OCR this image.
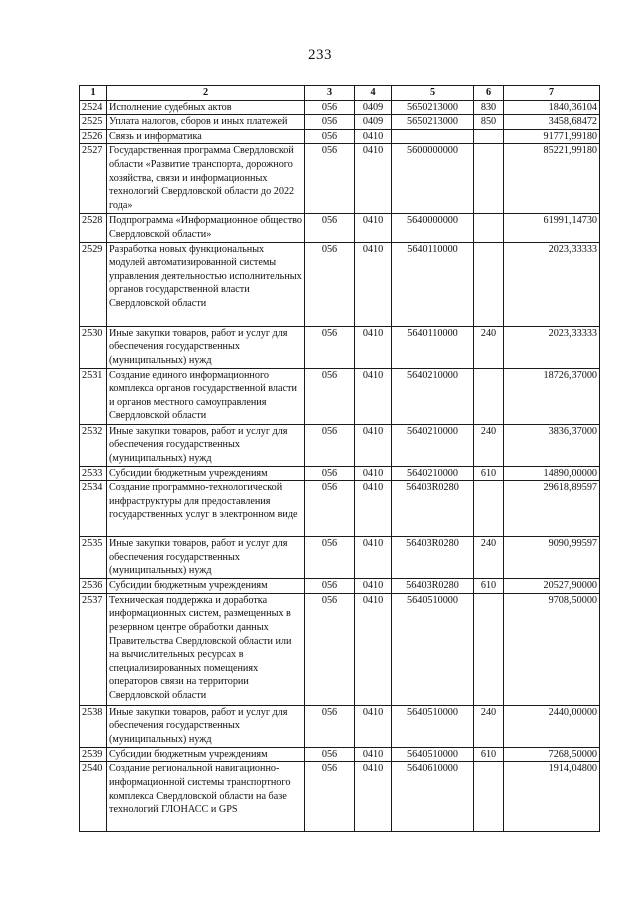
233
1	2	3	4	5	6	7
2524	Исполнение судебных актов	056	0409	5650213000	830	1840,36104
2525	Уплата налогов, сборов и иных платежей	056	0409	5650213000	850	3458,68472
2526	Связь и информатика	056	0410			91771,99180
2527	Государственная программа Свердловской области «Развитие транспорта, дорожного хозяйства, связи и информационных технологий Свердловской области до 2022 года»	056	0410	5600000000		85221,99180
2528	Подпрограмма «Информационное общество Свердловской области»	056	0410	5640000000		61991,14730
2529	Разработка новых функциональных модулей автоматизированной системы управления деятельностью исполнительных органов государственной власти Свердловской области	056	0410	5640110000		2023,33333
2530	Иные закупки товаров, работ и услуг для обеспечения государственных (муниципальных) нужд	056	0410	5640110000	240	2023,33333
2531	Создание единого информационного комплекса органов государственной власти и органов местного самоуправления Свердловской области	056	0410	5640210000		18726,37000
2532	Иные закупки товаров, работ и услуг для обеспечения государственных (муниципальных) нужд	056	0410	5640210000	240	3836,37000
2533	Субсидии бюджетным учреждениям	056	0410	5640210000	610	14890,00000
2534	Создание программно-технологической инфраструктуры для предоставления государственных услуг в электронном виде	056	0410	56403R0280		29618,89597
2535	Иные закупки товаров, работ и услуг для обеспечения государственных (муниципальных) нужд	056	0410	56403R0280	240	9090,99597
2536	Субсидии бюджетным учреждениям	056	0410	56403R0280	610	20527,90000
2537	Техническая поддержка и доработка информационных систем, размещенных в резервном центре обработки данных Правительства Свердловской области или на вычислительных ресурсах в специализированных помещениях операторов связи на территории Свердловской области	056	0410	5640510000		9708,50000
2538	Иные закупки товаров, работ и услуг для обеспечения государственных (муниципальных) нужд	056	0410	5640510000	240	2440,00000
2539	Субсидии бюджетным учреждениям	056	0410	5640510000	610	7268,50000
2540	Создание региональной навигационно-информационной системы транспортного комплекса Свердловской области на базе технологий ГЛОНАСС и GPS	056	0410	5640610000		1914,04800
